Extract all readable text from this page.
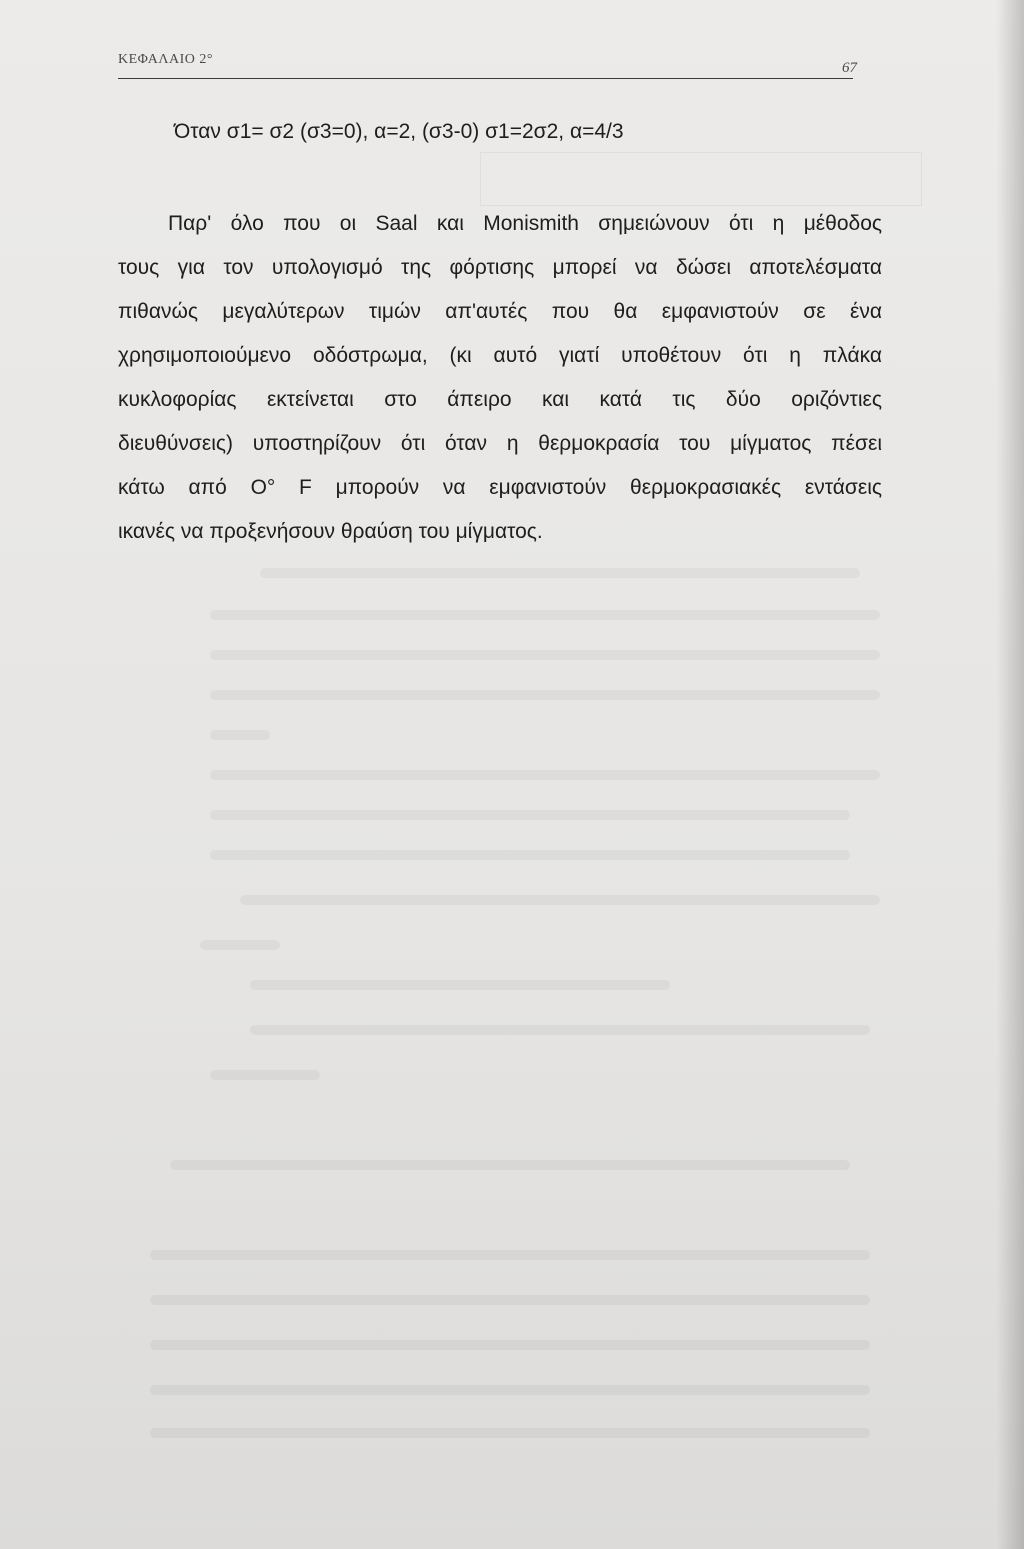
ΚΕΦΑΛΑΙΟ 2°
67
Όταν σ1= σ2 (σ3=0), α=2, (σ3-0) σ1=2σ2, α=4/3
Παρ' όλο που οι Saal και Monismith σημειώνουν ότι η μέθοδος
τους για τον υπολογισμό της φόρτισης μπορεί να δώσει αποτελέσματα
πιθανώς μεγαλύτερων τιμών απ'αυτές που θα εμφανιστούν σε ένα
χρησιμοποιούμενο οδόστρωμα, (κι αυτό γιατί υποθέτουν ότι η πλάκα
κυκλοφορίας εκτείνεται στο άπειρο και κατά τις δύο οριζόντιες
διευθύνσεις) υποστηρίζουν ότι όταν η θερμοκρασία του μίγματος πέσει
κάτω από O° F μπορούν να εμφανιστούν θερμοκρασιακές εντάσεις
ικανές να προξενήσουν θραύση του μίγματος.
